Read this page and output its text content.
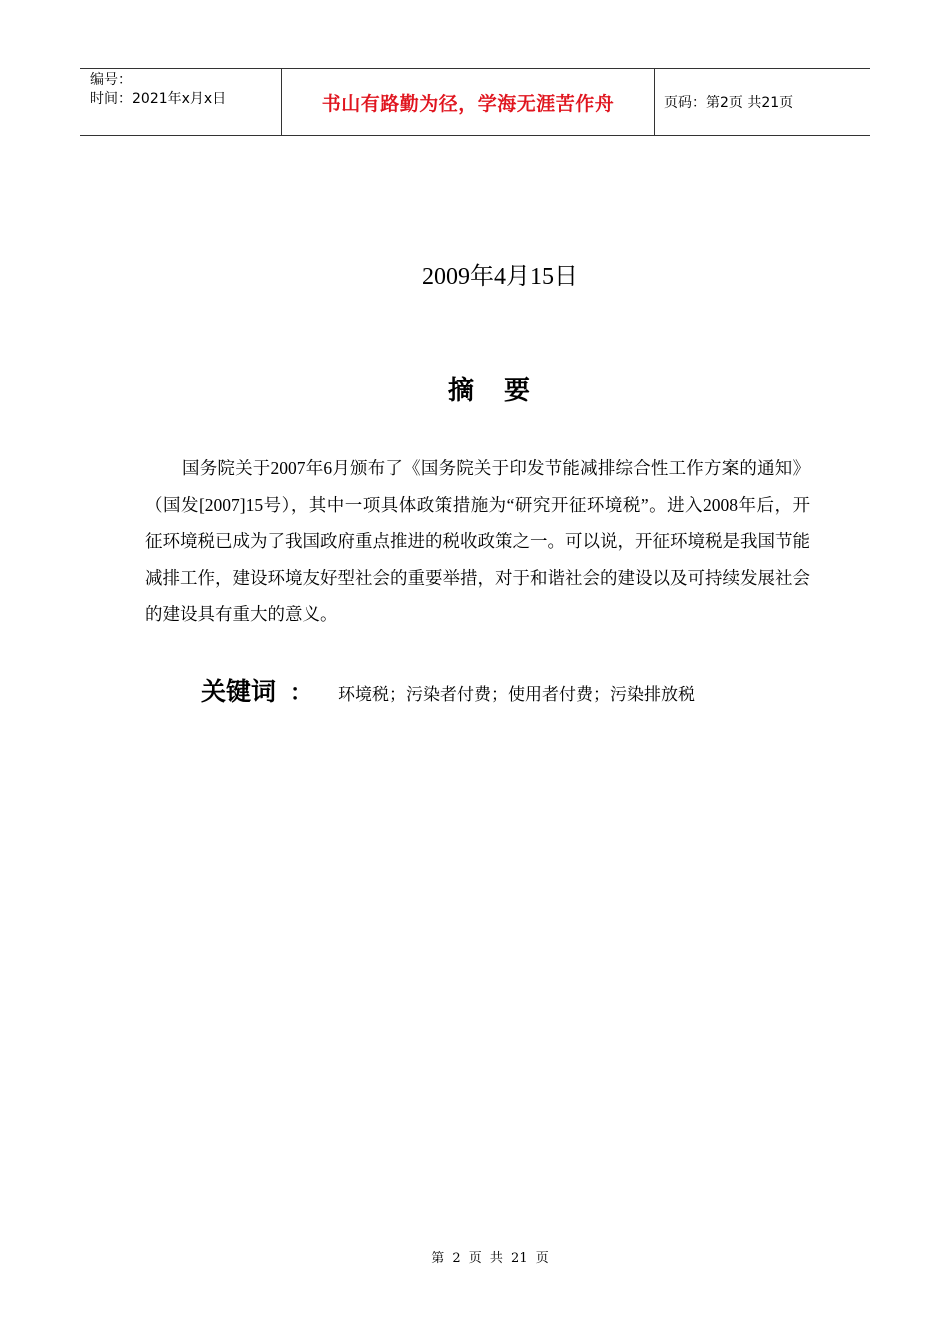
编号：
时间：2021年x月x日	书山有路勤为径，学海无涯苦作舟	页码：第2页 共21页
2009年4月15日
摘要
国务院关于2007年6月颁布了《国务院关于印发节能减排综合性工作方案的通知》（国发[2007]15号），其中一项具体政策措施为“研究开征环境税”。进入2008年后，开征环境税已成为了我国政府重点推进的税收政策之一。可以说，开征环境税是我国节能减排工作，建设环境友好型社会的重要举措，对于和谐社会的建设以及可持续发展社会的建设具有重大的意义。
关键词 ： 环境税；污染者付费；使用者付费；污染排放税
第 2 页 共 21 页
